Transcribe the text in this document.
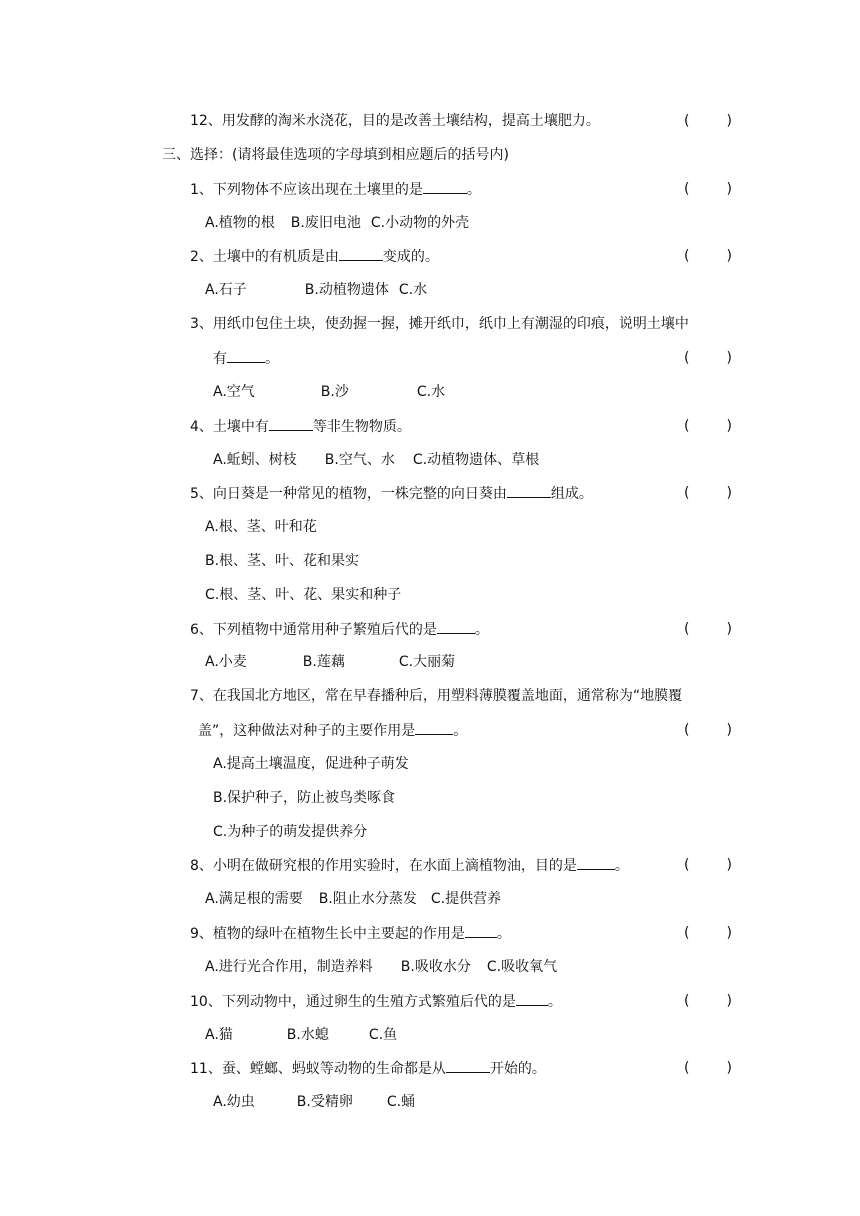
12、用发酵的淘米水浇花，目的是改善土壤结构，提高土壤肥力。	(	)
三、选择：(请将最佳选项的字母填到相应题后的括号内)
1、下列物体不应该出现在土壤里的是	。	(	)
A.植物的根 B.废旧电池 C.小动物的外壳
2、土壤中的有机质是由	变成的。	(	)
A.石子	B.动植物遗体 C.水
3、用纸巾包住土块，使劲握一握，摊开纸巾，纸巾上有潮湿的印痕，说明土壤中
有	。	(	)
A.空气	B.沙	C.水
4、土壤中有	等非生物物质。	(	)
A.蚯蚓、树枝 B.空气、水 C.动植物遗体、草根
5、向日葵是一种常见的植物，一株完整的向日葵由	组成。	(	)
A.根、茎、叶和花
B.根、茎、叶、花和果实
C.根、茎、叶、花、果实和种子
6、下列植物中通常用种子繁殖后代的是	。	(	)
A.小麦	B.莲藕	C.大丽菊
7、在我国北方地区，常在早春播种后，用塑料薄膜覆盖地面，通常称为“地膜覆
盖”，这种做法对种子的主要作用是	。	(	)
A.提高土壤温度，促进种子萌发
B.保护种子，防止被鸟类啄食
C.为种子的萌发提供养分
8、小明在做研究根的作用实验时，在水面上滴植物油，目的是	。	(	)
A.满足根的需要 B.阻止水分蒸发 C.提供营养
9、植物的绿叶在植物生长中主要起的作用是 。	(	)
A.进行光合作用，制造养料 B.吸收水分 C.吸收氧气
10、下列动物中，通过卵生的生殖方式繁殖后代的是 。	(	)
A.猫	B.水螅	C.鱼
11、蚕、螳螂、蚂蚁等动物的生命都是从	开始的。	(	)
A.幼虫	B.受精卵 C.蛹
